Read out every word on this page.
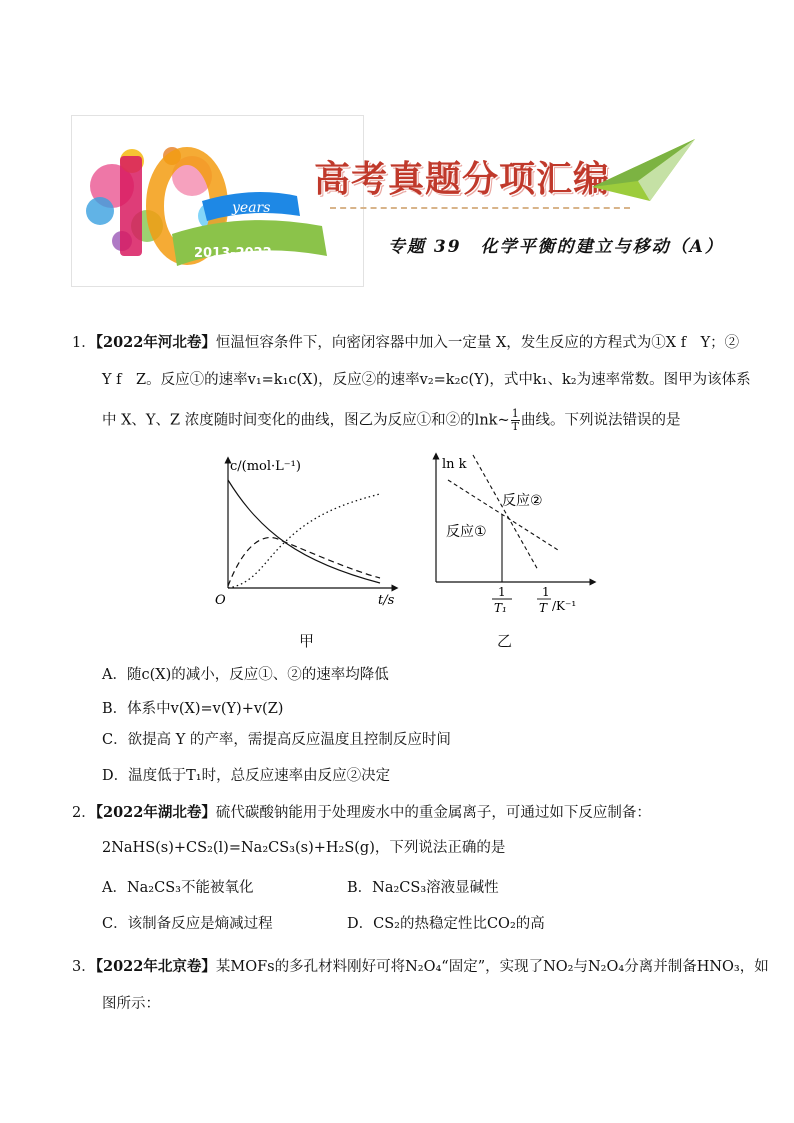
years
2013-2022
高考真题分项汇编
专题 39　化学平衡的建立与移动（A）
1．【2022年河北卷】恒温恒容条件下，向密闭容器中加入一定量 X，发生反应的方程式为①X f　Y；②
Y f　Z。反应①的速率v₁=k₁c(X)，反应②的速率v₂=k₂c(Y)，式中k₁、k₂为速率常数。图甲为该体系
中 X、Y、Z 浓度随时间变化的曲线，图乙为反应①和②的lnk~ $\frac{1}{T}$ 曲线。下列说法错误的是
c/(mol·L⁻¹)
O	t/s
甲
ln k
反应②
反应①
1
T₁
1
T /K⁻¹
乙
A．随c(X)的减小，反应①、②的速率均降低
B．体系中v(X)=v(Y)+v(Z)
C．欲提高 Y 的产率，需提高反应温度且控制反应时间
D．温度低于T₁时，总反应速率由反应②决定
2．【2022年湖北卷】硫代碳酸钠能用于处理废水中的重金属离子，可通过如下反应制备：
2NaHS(s)+CS₂(l)=Na₂CS₃(s)+H₂S(g)，下列说法正确的是
A．Na₂CS₃不能被氧化	B．Na₂CS₃溶液显碱性
C．该制备反应是熵减过程	D．CS₂的热稳定性比CO₂的高
3．【2022年北京卷】某MOFs的多孔材料刚好可将N₂O₄“固定”，实现了NO₂与N₂O₄分离并制备HNO₃，如
图所示：
